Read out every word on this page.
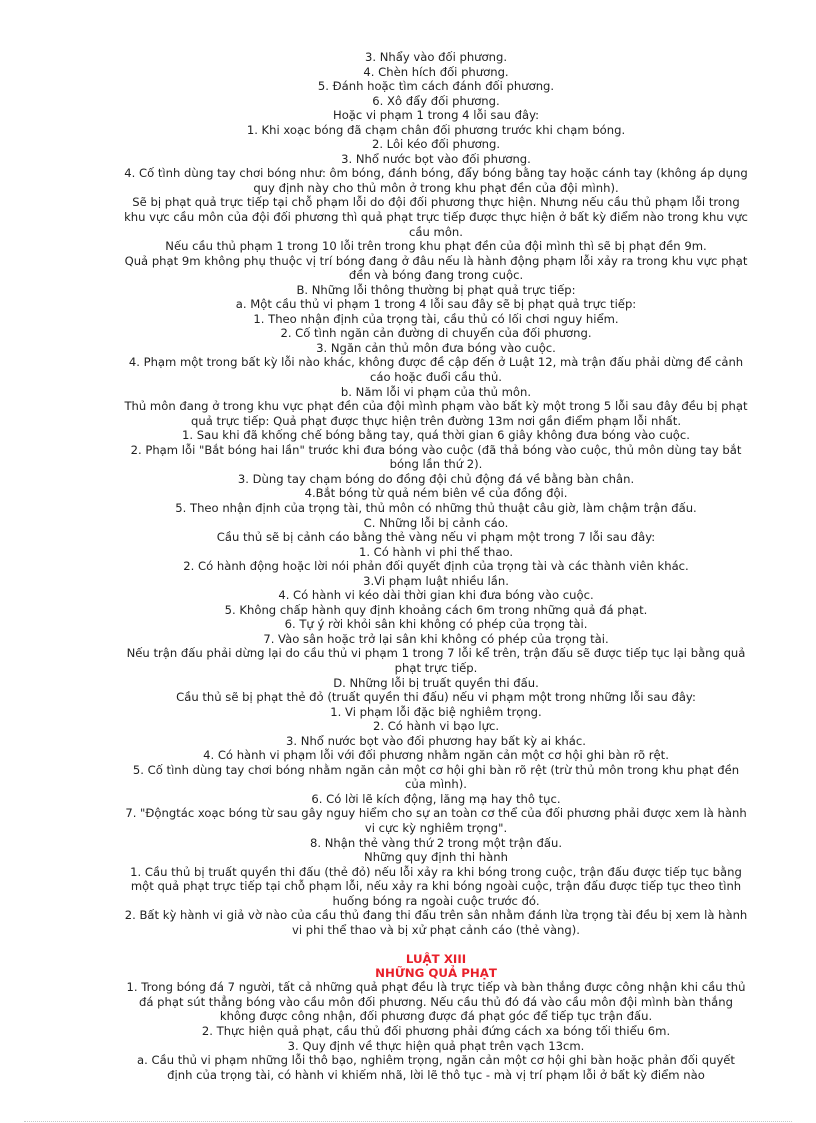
3. Nhẩy vào đối phương.

4. Chèn hích đối phương.

5. Đánh hoặc tìm cách đánh đối phương.

6. Xô đẩy đối phương.

Hoặc vi phạm 1 trong 4 lỗi sau đây:

1. Khi xoạc bóng đã chạm chân đối phương trước khi chạm bóng.

2. Lôi kéo đối phương.

3. Nhổ nước bọt vào đối phương.

4. Cố tình dùng tay chơi bóng như: ôm bóng, đánh bóng, đẩy bóng bằng tay hoặc cánh tay (không áp dụng quy định này cho thủ môn ở trong khu phạt đền của đội mình).

Sẽ bị phạt quả trực tiếp tại chỗ phạm lỗi do đội đối phương thực hiện. Nhưng nếu cầu thủ phạm lỗi trong khu vực cầu môn của đội đối phương thì quả phạt trực tiếp được thực hiện ở bất kỳ điểm nào trong khu vực cầu môn.

Nếu cầu thủ phạm 1 trong 10 lỗi trên trong khu phạt đền của đội mình thì sẽ bị phạt đền 9m.

Quả phạt 9m không phụ thuộc vị trí bóng đang ở đâu nếu là hành động phạm lỗi xảy ra trong khu vực phạt đền và bóng đang trong cuộc.

B. Những lỗi thông thường bị phạt quả trực tiếp:

a. Một cầu thủ vi phạm 1 trong 4 lỗi sau đây sẽ bị phạt quả trực tiếp:

1. Theo nhận định của trọng tài, cầu thủ có lối chơi nguy hiểm.

2. Cố tình ngăn cản đường di chuyển của đối phương.

3. Ngăn cản thủ môn đưa bóng vào cuộc.

4. Phạm một trong bất kỳ lỗi nào khác, không được đề cập đến ở Luật 12, mà trận đấu phải dừng để cảnh cáo hoặc đuổi cầu thủ.

b. Năm lỗi vi phạm của thủ môn.

Thủ môn đang ở trong khu vực phạt đền của đội mình phạm vào bất kỳ một trong 5 lỗi sau đây đều bị phạt quả trực tiếp: Quả phạt được thực hiện trên đường 13m nơi gần điểm phạm lỗi nhất.

1. Sau khi đã khống chế bóng bằng tay, quá thời gian 6 giây không đưa bóng vào cuộc.

2. Phạm lỗi "Bắt bóng hai lần" trước khi đưa bóng vào cuộc (đã thả bóng vào cuộc, thủ môn dùng tay bắt bóng lần thứ 2).

3. Dùng tay chạm bóng do đồng đội chủ động đá về bằng bàn chân.

4.Bắt bóng từ quả ném biên về của đồng đội.

5. Theo nhận định của trọng tài, thủ môn có những thủ thuật câu giờ, làm chậm trận đấu.

C. Những lỗi bị cảnh cáo.

Cầu thủ sẽ bị cảnh cáo bằng thẻ vàng nếu vi phạm một trong 7 lỗi sau đây:

1. Có hành vi phi thể thao.

2. Có hành động hoặc lời nói phản đối quyết định của trọng tài và các thành viên khác.

3.Vi phạm luật nhiều lần.

4. Có hành vi kéo dài thời gian khi đưa bóng vào cuộc.

5. Không chấp hành quy định khoảng cách 6m trong những quả đá phạt.

6. Tự ý rời khỏi sân khi không có phép của trọng tài.

7. Vào sân hoặc trở lại sân khi không có phép của trọng tài.

Nếu trận đấu phải dừng lại do cầu thủ vi phạm 1 trong 7 lỗi kể trên, trận đấu sẽ được tiếp tục lại bằng quả phạt trực tiếp.

D. Những lỗi bị truất quyền thi đấu.

Cầu thủ sẽ bị phạt thẻ đỏ (truất quyền thi đấu) nếu vi phạm một trong những lỗi sau đây:

1. Vi phạm lỗi đặc biệ nghiêm trọng.

2. Có hành vi bạo lực.

3. Nhổ nước bọt vào đối phương hay bất kỳ ai khác.

4. Có hành vi phạm lỗi với đối phương nhằm ngăn cản một cơ hội ghi bàn rõ rệt.

5. Cố tình dùng tay chơi bóng nhằm ngăn cản một cơ hội ghi bàn rõ rệt (trừ thủ môn trong khu phạt đền của mình).

6. Có lời lẽ kích động, lăng mạ hay thô tục.

7. "Độngtác xoạc bóng từ sau gây nguy hiểm cho sự an toàn cơ thể của đối phương phải được xem là hành vi cực kỳ nghiêm trọng".

8. Nhận thẻ vàng thứ 2 trong một trận đấu.

Những quy định thi hành

1. Cầu thủ bị truất quyền thi đấu (thẻ đỏ) nếu lỗi xảy ra khi bóng trong cuộc, trận đấu được tiếp tục bằng một quả phạt trực tiếp tại chỗ phạm lỗi, nếu xảy ra khi bóng ngoài cuộc, trận đấu được tiếp tục theo tình huống bóng ra ngoài cuộc trước đó.

2. Bất kỳ hành vi giả vờ nào của cầu thủ đang thi đấu trên sân nhằm đánh lừa trọng tài đều bị xem là hành vi phi thể thao và bị xử phạt cảnh cáo (thẻ vàng).

LUẬT XIII

NHỮNG QUẢ PHẠT

1. Trong bóng đá 7 người, tất cả những quả phạt đều là trực tiếp và bàn thắng được công nhận khi cầu thủ đá phạt sút thẳng bóng vào cầu môn đối phương. Nếu cầu thủ đó đá vào cầu môn đội mình bàn thắng không được công nhận, đối phương được đá phạt góc để tiếp tục trận đấu.

2. Thực hiện quả phạt, cầu thủ đối phương phải đứng cách xa bóng tối thiểu 6m.

3. Quy định về thực hiện quả phạt trên vạch 13cm.

a. Cầu thủ vi phạm những lỗi thô bạo, nghiêm trọng, ngăn cản một cơ hội ghi bàn hoặc phản đối quyết định của trọng tài, có hành vi khiếm nhã, lời lẽ thô tục - mà vị trí phạm lỗi ở bất kỳ điểm nào
